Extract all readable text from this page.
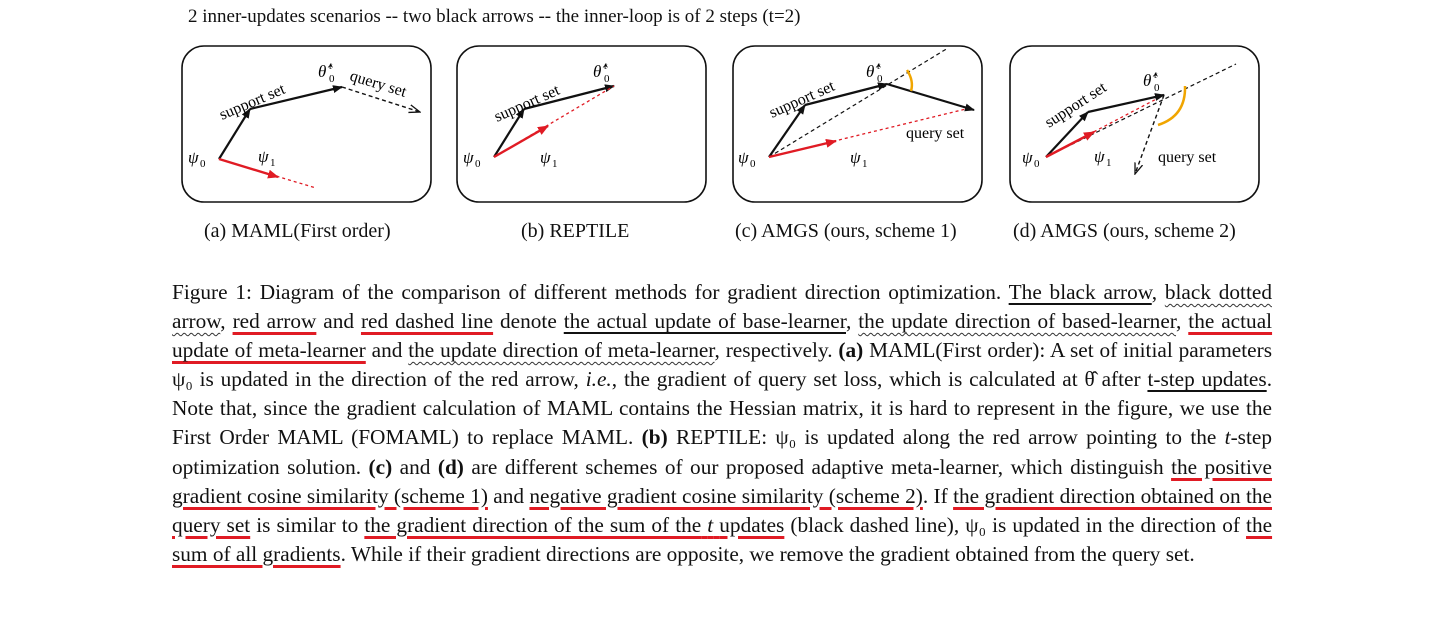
2 inner-updates scenarios -- two black arrows -- the inner-loop is of 2 steps (t=2)
support set	query set
θ̂ t
0
ψ 0	ψ 1
support set
θ̂ t
0
ψ 0	ψ 1
support set
query set
θ̂ t
0
ψ 0	ψ 1
support set
query set
θ̂ t
0
ψ 0	ψ 1
(a) MAML(First order)	(b) REPTILE	(c) AMGS (ours, scheme 1)	(d) AMGS (ours, scheme 2)

Figure 1: Diagram of the comparison of different methods for gradient direction optimization. The black arrow, black dotted arrow, red arrow and red dashed line denote the actual update of base-learner, the update direction of based-learner, the actual update of meta-learner and the update direction of meta-learner, respectively. (a) MAML(First order): A set of initial parameters ψ₀ is updated in the direction of the red arrow, i.e., the gradient of query set loss, which is calculated at θ̂ after t-step updates. Note that, since the gradient calculation of MAML contains the Hessian matrix, it is hard to represent in the figure, we use the First Order MAML (FOMAML) to replace MAML. (b) REPTILE: ψ₀ is updated along the red arrow pointing to the t-step optimization solution. (c) and (d) are different schemes of our proposed adaptive meta-learner, which distinguish the positive gradient cosine similarity (scheme 1) and negative gradient cosine similarity (scheme 2). If the gradient direction obtained on the query set is similar to the gradient direction of the sum of the t updates (black dashed line), ψ₀ is updated in the direction of the sum of all gradients. While if their gradient directions are opposite, we remove the gradient obtained from the query set.
